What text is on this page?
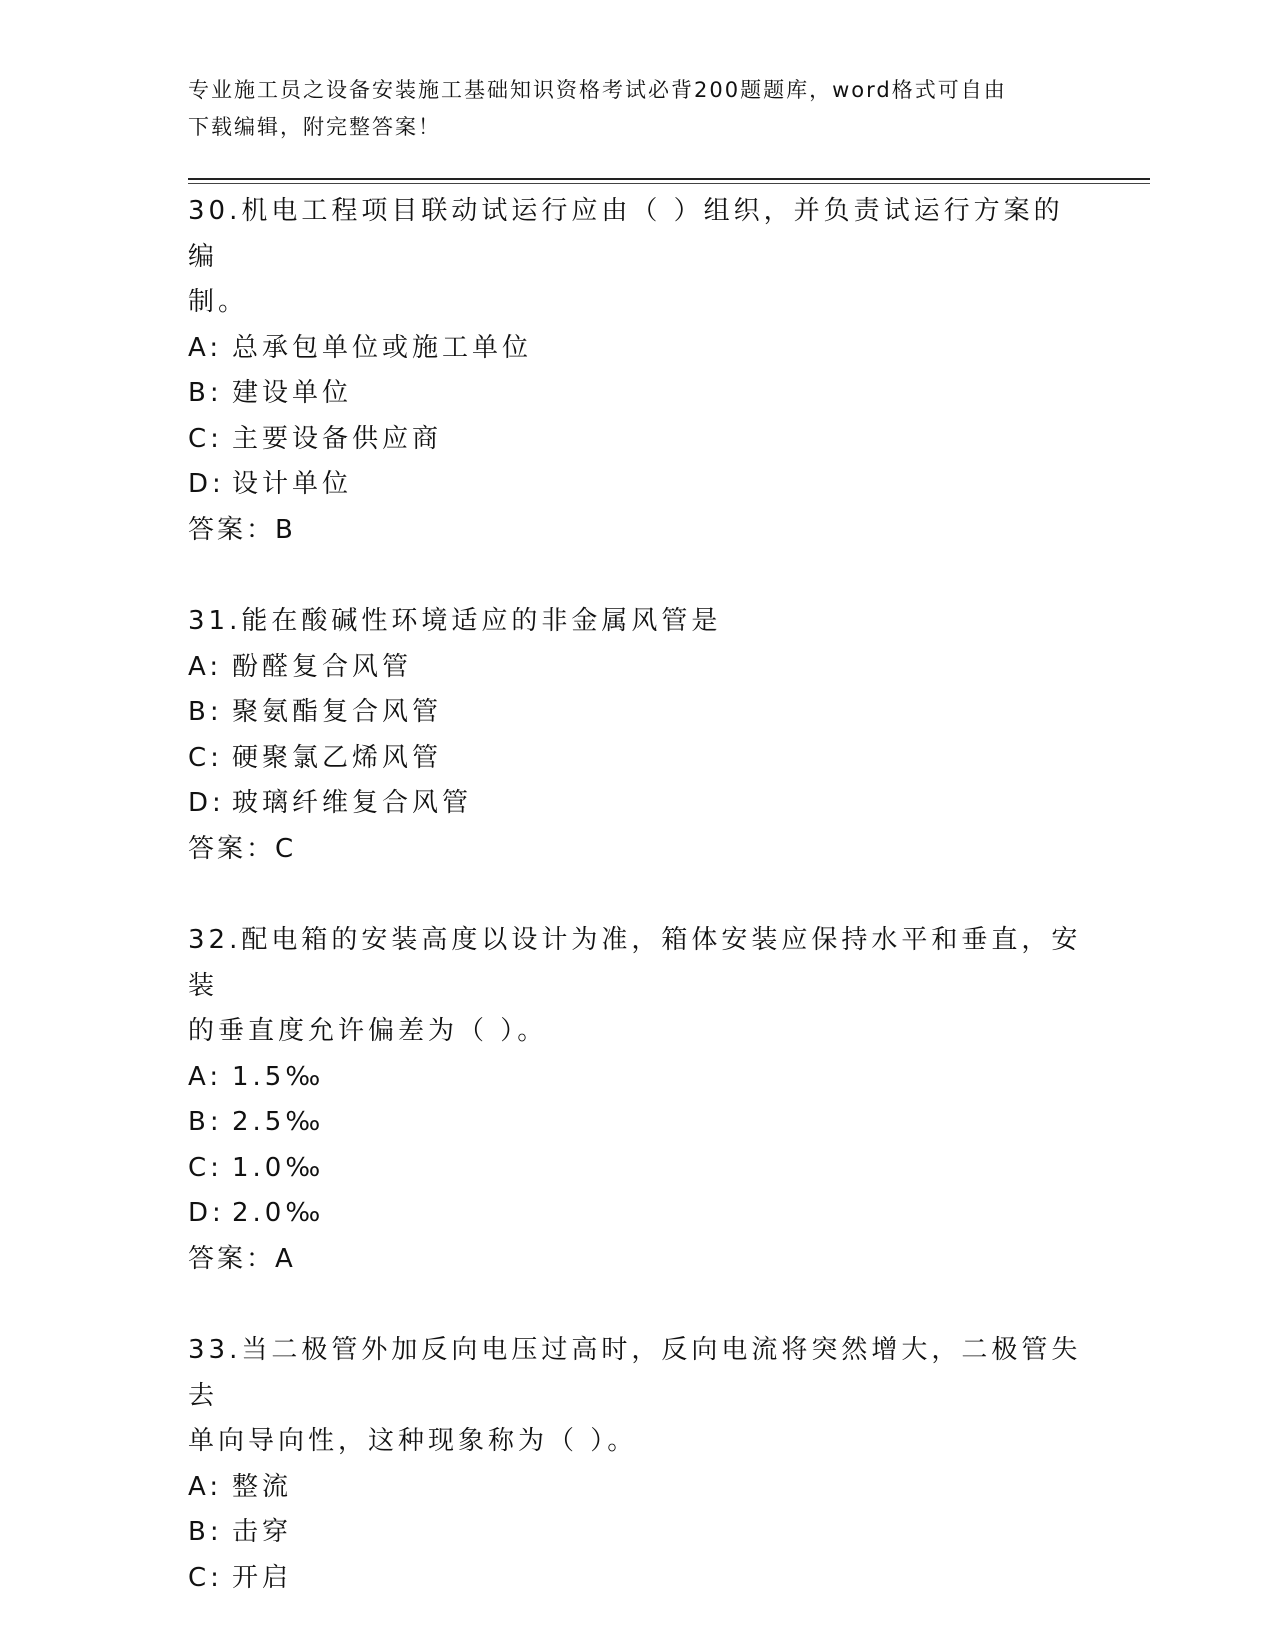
专业施工员之设备安装施工基础知识资格考试必背200题题库，word格式可自由
下载编辑，附完整答案！
30.机电工程项目联动试运行应由（ ）组织，并负责试运行方案的编
制。
A: 总承包单位或施工单位
B: 建设单位
C: 主要设备供应商
D: 设计单位
答案：B
31.能在酸碱性环境适应的非金属风管是
A: 酚醛复合风管
B: 聚氨酯复合风管
C: 硬聚氯乙烯风管
D: 玻璃纤维复合风管
答案：C
32.配电箱的安装高度以设计为准，箱体安装应保持水平和垂直，安装
的垂直度允许偏差为（ ）。
A: 1.5‰
B: 2.5‰
C: 1.0‰
D: 2.0‰
答案：A
33.当二极管外加反向电压过高时，反向电流将突然增大，二极管失去
单向导向性，这种现象称为（ ）。
A: 整流
B: 击穿
C: 开启
